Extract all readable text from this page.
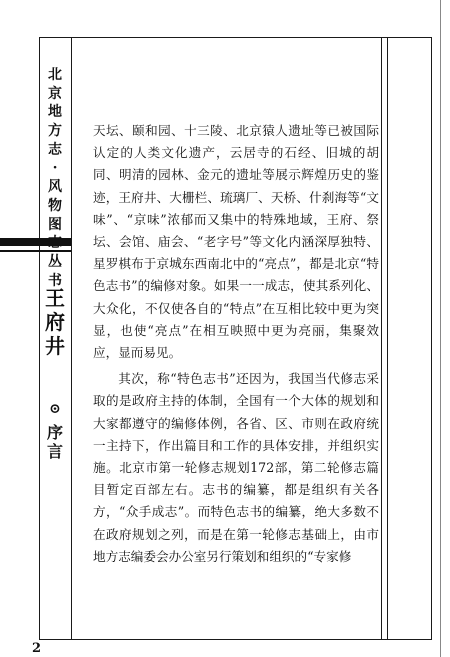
北
京
地
方
志
·
风
物
图
丛
书
王
府
井
⊙
序
言

天坛、颐和园、十三陵、北京猿人遗址等已被国际认定的人类文化遗产，云居寺的石经、旧城的胡同、明清的园林、金元的遗址等展示辉煌历史的鉴迹，王府井、大栅栏、琉璃厂、天桥、什刹海等“文味”、“京味”浓郁而又集中的特殊地域，王府、祭坛、会馆、庙会、“老字号”等文化内涵深厚独特、星罗棋布于京城东西南北中的“亮点”，都是北京“特色志书”的编修对象。如果一一成志，使其系列化、大众化，不仅使各自的“特点”在互相比较中更为突显，也使“亮点”在相互映照中更为亮丽，集聚效应，显而易见。

其次，称“特色志书”还因为，我国当代修志采取的是政府主持的体制，全国有一个大体的规划和大家都遵守的编修体例，各省、区、市则在政府统一主持下，作出篇目和工作的具体安排，并组织实施。北京市第一轮修志规划172部，第二轮修志篇目暂定百部左右。志书的编纂，都是组织有关各方，“众手成志”。而特色志书的编纂，绝大多数不在政府规划之列，而是在第一轮修志基础上，由市地方志编委会办公室另行策划和组织的“专家修

2
